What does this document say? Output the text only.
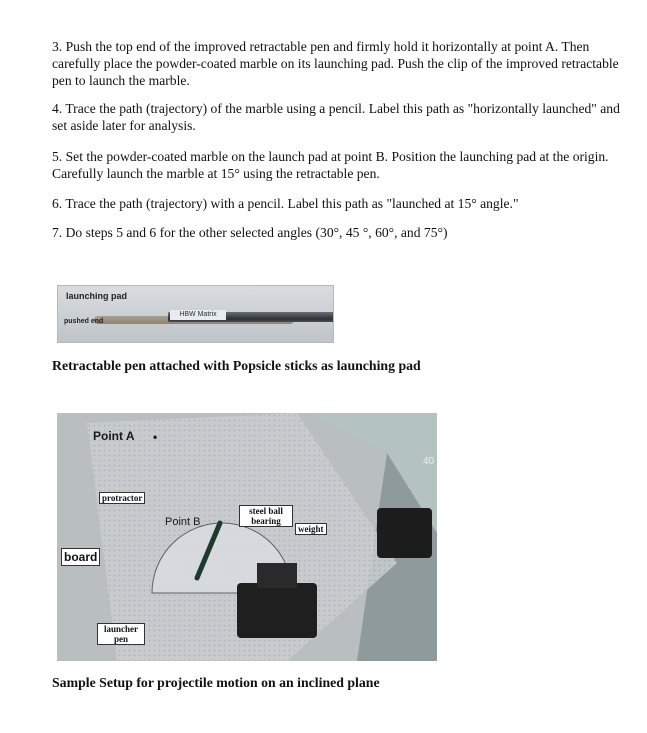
3. Push the top end of the improved retractable pen and firmly hold it horizontally at point A. Then carefully place the powder-coated marble on its launching pad. Push the clip of the improved retractable pen to launch the marble.

4. Trace the path (trajectory) of the marble using a pencil. Label this path as "horizontally launched" and set aside later for analysis.

5. Set the powder-coated marble on the launch pad at point B. Position the launching pad at the origin. Carefully launch the marble at 15° using the retractable pen.

6. Trace the path (trajectory) with a pencil. Label this path as "launched at 15° angle."

7. Do steps 5 and 6 for the other selected angles (30°, 45 °, 60°, and 75°)

launching pad
HBW Matrix
pushed end

Retractable pen attached with Popsicle sticks as launching pad

Point A •
protractor
Point B
steel ball bearing
weight
board
launcher pen
40

Sample Setup for projectile motion on an inclined plane
